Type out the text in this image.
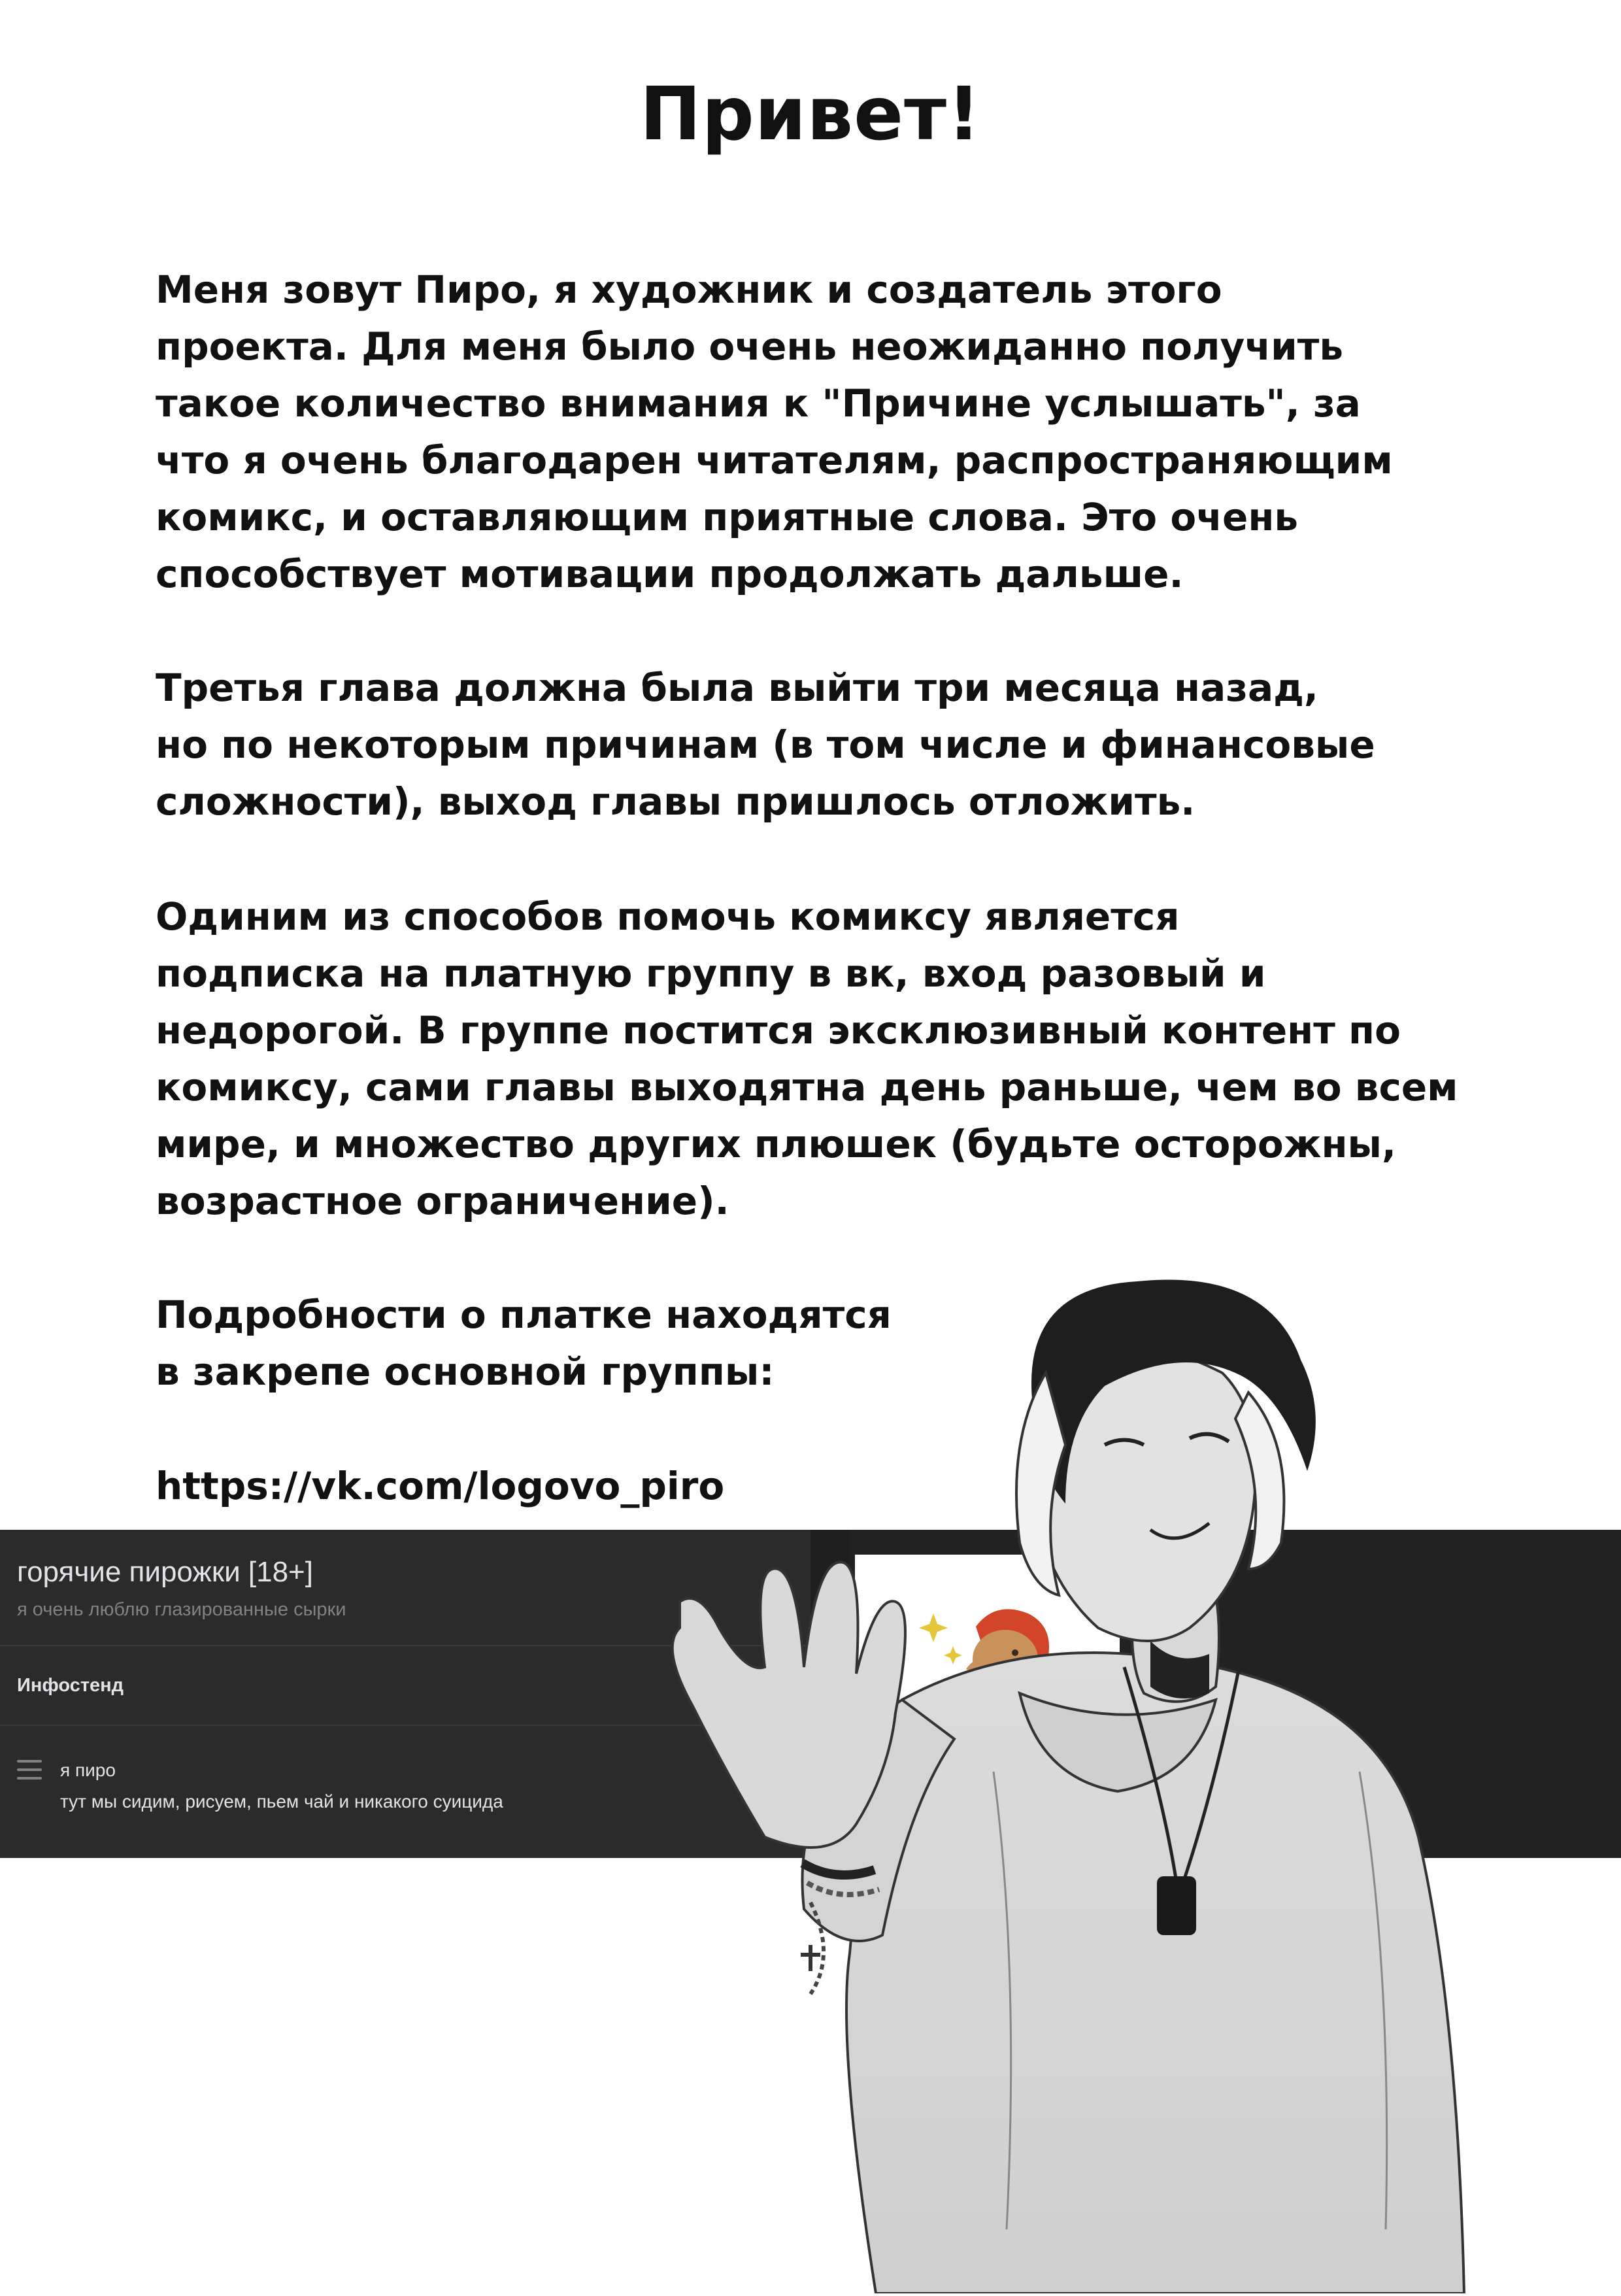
Привет!

Меня зовут Пиро, я художник и создатель этого
проекта. Для меня было очень неожиданно получить
такое количество внимания к "Причине услышать", за
что я очень благодарен читателям, распространяющим
комикс, и оставляющим приятные слова. Это очень
способствует мотивации продолжать дальше.

Третья глава должна была выйти три месяца назад,
но по некоторым причинам (в том числе и финансовые
сложности), выход главы пришлось отложить.

Одиним из способов помочь комиксу является
подписка на платную группу в вк, вход разовый и
недорогой. В группе постится эксклюзивный контент по
комиксу, сами главы выходятна день раньше, чем во всем
мире, и множество других плюшек (будьте осторожны,
возрастное ограничение).

Подробности о платке находятся
в закрепе основной группы:

https://vk.com/logovo_piro

горячие пирожки [18+]
я очень люблю глазированные сырки
Инфостенд
я пиро
тут мы сидим, рисуем, пьем чай и никакого суицида
